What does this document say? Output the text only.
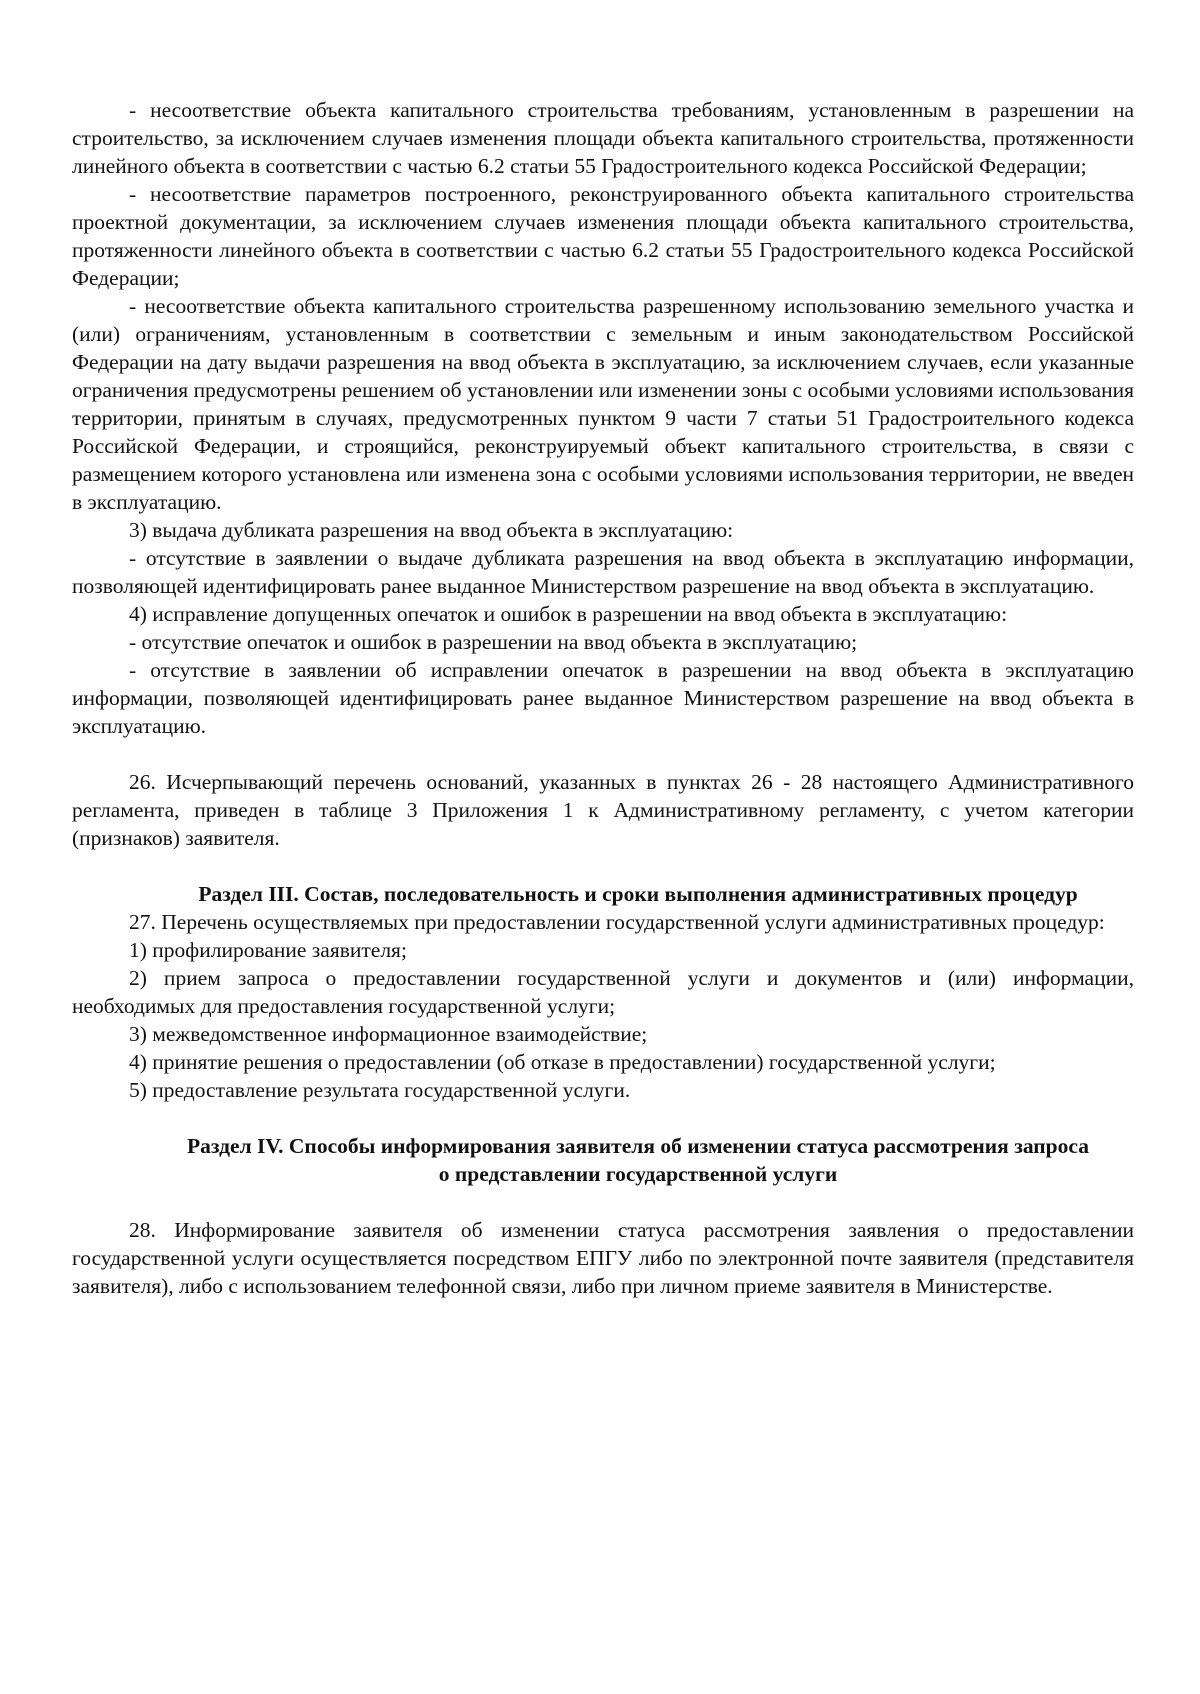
- несоответствие объекта капитального строительства требованиям, установленным в разрешении на строительство, за исключением случаев изменения площади объекта капитального строительства, протяженности линейного объекта в соответствии с частью 6.2 статьи 55 Градостроительного кодекса Российской Федерации;

- несоответствие параметров построенного, реконструированного объекта капитального строительства проектной документации, за исключением случаев изменения площади объекта капитального строительства, протяженности линейного объекта в соответствии с частью 6.2 статьи 55 Градостроительного кодекса Российской Федерации;

- несоответствие объекта капитального строительства разрешенному использованию земельного участка и (или) ограничениям, установленным в соответствии с земельным и иным законодательством Российской Федерации на дату выдачи разрешения на ввод объекта в эксплуатацию, за исключением случаев, если указанные ограничения предусмотрены решением об установлении или изменении зоны с особыми условиями использования территории, принятым в случаях, предусмотренных пунктом 9 части 7 статьи 51 Градостроительного кодекса Российской Федерации, и строящийся, реконструируемый объект капитального строительства, в связи с размещением которого установлена или изменена зона с особыми условиями использования территории, не введен в эксплуатацию.

3) выдача дубликата разрешения на ввод объекта в эксплуатацию:

- отсутствие в заявлении о выдаче дубликата разрешения на ввод объекта в эксплуатацию информации, позволяющей идентифицировать ранее выданное Министерством разрешение на ввод объекта в эксплуатацию.

4) исправление допущенных опечаток и ошибок в разрешении на ввод объекта в эксплуатацию:

- отсутствие опечаток и ошибок в разрешении на ввод объекта в эксплуатацию;

- отсутствие в заявлении об исправлении опечаток в разрешении на ввод объекта в эксплуатацию информации, позволяющей идентифицировать ранее выданное Министерством разрешение на ввод объекта в эксплуатацию.

26. Исчерпывающий перечень оснований, указанных в пунктах 26 - 28 настоящего Административного регламента, приведен в таблице 3 Приложения 1 к Административному регламенту, с учетом категории (признаков) заявителя.

Раздел III. Состав, последовательность и сроки выполнения административных процедур

27. Перечень осуществляемых при предоставлении государственной услуги административных процедур:

1) профилирование заявителя;

2) прием запроса о предоставлении государственной услуги и документов и (или) информации, необходимых для предоставления государственной услуги;

3) межведомственное информационное взаимодействие;

4) принятие решения о предоставлении (об отказе в предоставлении) государственной услуги;

5) предоставление результата государственной услуги.

Раздел IV. Способы информирования заявителя об изменении статуса рассмотрения запроса о представлении государственной услуги

28. Информирование заявителя об изменении статуса рассмотрения заявления о предоставлении государственной услуги осуществляется посредством ЕПГУ либо по электронной почте заявителя (представителя заявителя), либо с использованием телефонной связи, либо при личном приеме заявителя в Министерстве.
